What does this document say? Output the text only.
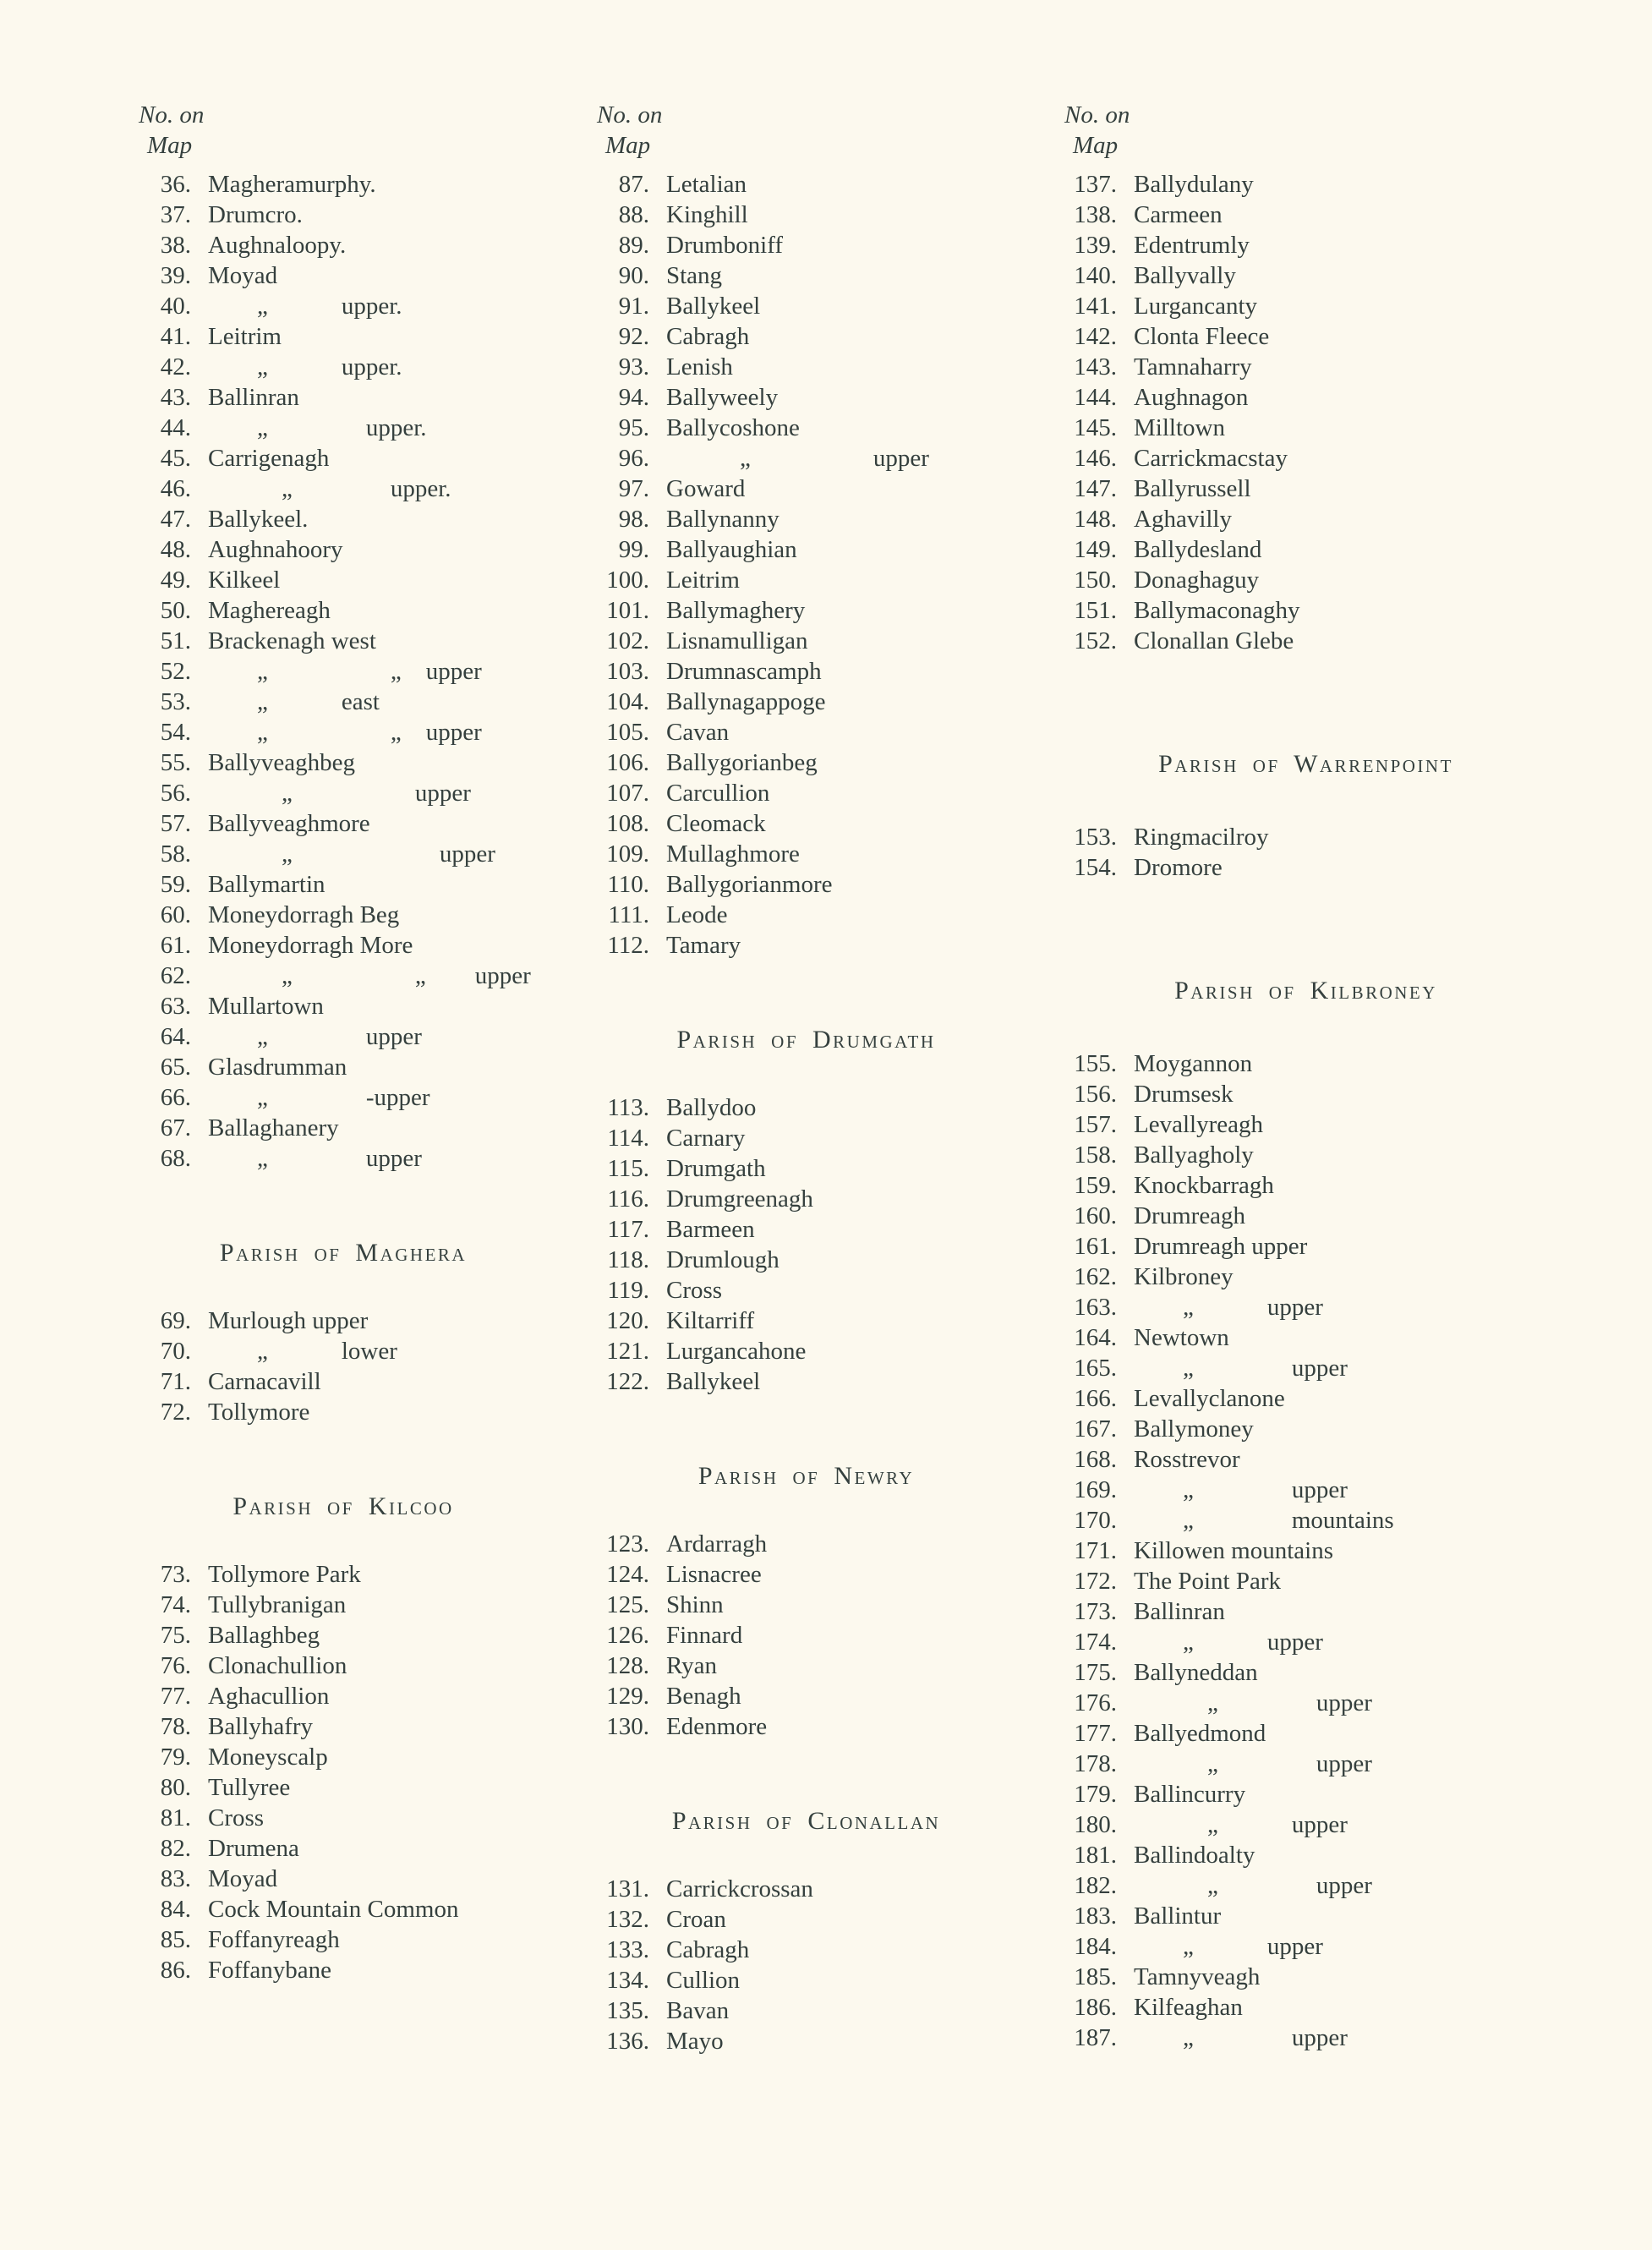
No. on
Map
36. Magheramurphy.
37. Drumcro.
38. Aughnaloopy.
39. Moyad
40.   „   upper.
41. Leitrim
42.   „   upper.
43. Ballinran
44.   „    upper.
45. Carrigenagh
46.    „    upper.
47. Ballykeel.
48. Aughnahoory
49. Kilkeel
50. Maghereagh
51. Brackenagh west
52.   „     „ upper
53.   „   east
54.   „     „ upper
55. Ballyveaghbeg
56.    „     upper
57. Ballyveaghmore
58.    „      upper
59. Ballymartin
60. Moneydorragh Beg
61. Moneydorragh More
62.    „     „  upper
63. Mullartown
64.   „    upper
65. Glasdrumman
66.   „    -upper
67. Ballaghanery
68.   „    upper
Parish of Maghera
69. Murlough upper
70.   „   lower
71. Carnacavill
72. Tollymore
Parish of Kilcoo
73. Tollymore Park
74. Tullybranigan
75. Ballaghbeg
76. Clonachullion
77. Aghacullion
78. Ballyhafry
79. Moneyscalp
80. Tullyree
81. Cross
82. Drumena
83. Moyad
84. Cock Mountain Common
85. Foffanyreagh
86. Foffanybane
No. on
Map
87. Letalian
88. Kinghill
89. Drumboniff
90. Stang
91. Ballykeel
92. Cabragh
93. Lenish
94. Ballyweely
95. Ballycoshone
96.    „     upper
97. Goward
98. Ballynanny
99. Ballyaughian
100. Leitrim
101. Ballymaghery
102. Lisnamulligan
103. Drumnascamph
104. Ballynagappoge
105. Cavan
106. Ballygorianbeg
107. Carcullion
108. Cleomack
109. Mullaghmore
110. Ballygorianmore
111. Leode
112. Tamary
Parish of Drumgath
113. Ballydoo
114. Carnary
115. Drumgath
116. Drumgreenagh
117. Barmeen
118. Drumlough
119. Cross
120. Kiltarriff
121. Lurgancahone
122. Ballykeel
Parish of Newry
123. Ardarragh
124. Lisnacree
125. Shinn
126. Finnard
128. Ryan
129. Benagh
130. Edenmore
Parish of Clonallan
131. Carrickcrossan
132. Croan
133. Cabragh
134. Cullion
135. Bavan
136. Mayo
No. on
Map
137. Ballydulany
138. Carmeen
139. Edentrumly
140. Ballyvally
141. Lurgancanty
142. Clonta Fleece
143. Tamnaharry
144. Aughnagon
145. Milltown
146. Carrickmacstay
147. Ballyrussell
148. Aghavilly
149. Ballydesland
150. Donaghaguy
151. Ballymaconaghy
152. Clonallan Glebe
Parish of Warrenpoint
153. Ringmacilroy
154. Dromore
Parish of Kilbroney
155. Moygannon
156. Drumsesk
157. Levallyreagh
158. Ballyagholy
159. Knockbarragh
160. Drumreagh
161. Drumreagh upper
162. Kilbroney
163.   „   upper
164. Newtown
165.   „    upper
166. Levallyclanone
167. Ballymoney
168. Rosstrevor
169.   „    upper
170.   „    mountains
171. Killowen mountains
172. The Point Park
173. Ballinran
174.   „   upper
175. Ballyneddan
176.    „    upper
177. Ballyedmond
178.    „    upper
179. Ballincurry
180.    „   upper
181. Ballindoalty
182.    „    upper
183. Ballintur
184.   „   upper
185. Tamnyveagh
186. Kilfeaghan
187.   „    upper
